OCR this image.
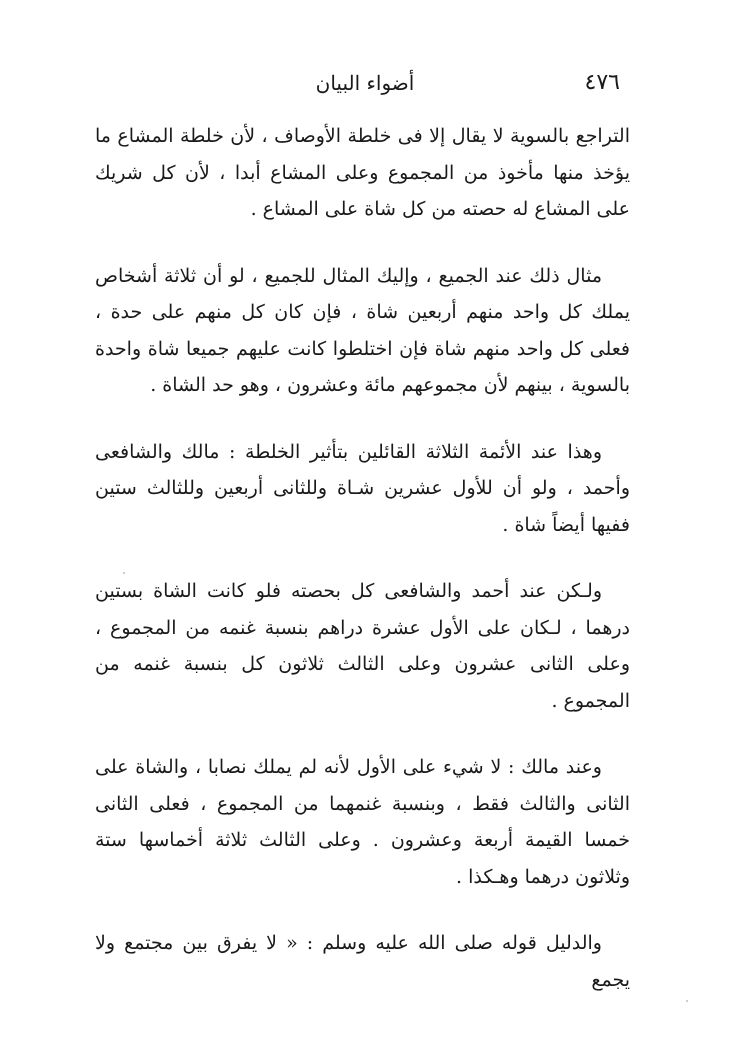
٤٧٦
أضواء البيان

التراجع بالسوية لا يقال إلا فى خلطة الأوصاف ، لأن خلطة المشاع ما يؤخذ منها مأخوذ من المجموع وعلى المشاع أبدا ، لأن كل شريك على المشاع له حصته من كل شاة على المشاع .

مثال ذلك عند الجميع ، وإليك المثال للجميع ، لو أن ثلاثة أشخاص يملك كل واحد منهم أربعين شاة ، فإن كان كل منهم على حدة ، فعلى كل واحد منهم شاة فإن اختلطوا كانت عليهم جميعا شاة واحدة بالسوية ، بينهم لأن مجموعهم مائة وعشرون ، وهو حد الشاة .

وهذا عند الأئمة الثلاثة القائلين بتأثير الخلطة : مالك والشافعى وأحمد ، ولو أن للأول عشرين شـاة وللثانى أربعين وللثالث ستين ففيها أيضاً شاة .

ولـكن عند أحمد والشافعى كل بحصته فلو كانت الشاة بستين درهما ، لـكان على الأول عشرة دراهم بنسبة غنمه من المجموع ، وعلى الثانى عشرون وعلى الثالث ثلاثون كل بنسبة غنمه من المجموع .

وعند مالك : لا شيء على الأول لأنه لم يملك نصابا ، والشاة على الثانى والثالث فقط ، وبنسبة غنمهما من المجموع ، فعلى الثانى خمسا القيمة أربعة وعشرون . وعلى الثالث ثلاثة أخماسها ستة وثلاثون درهما وهـكذا .

والدليل قوله صلى الله عليه وسلم : « لا يفرق بين مجتمع ولا يجمع
